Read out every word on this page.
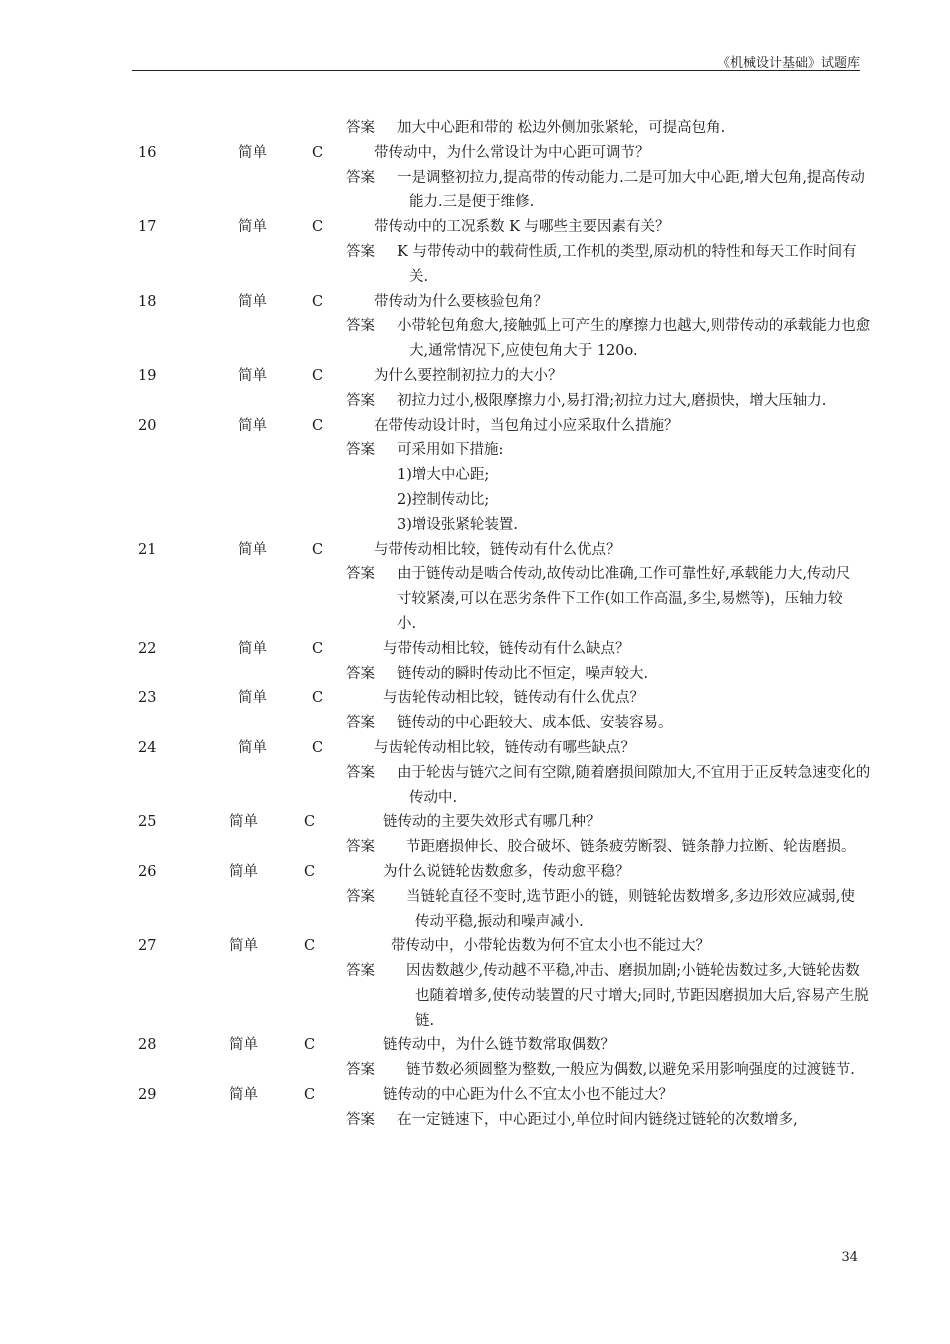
《机械设计基础》试题库
答案 加大中心距和带的 松边外侧加张紧轮，可提高包角.
16	简单	C	带传动中，为什么常设计为中心距可调节？
答案 一是调整初拉力,提高带的传动能力.二是可加大中心距,增大包角,提高传动能力.三是便于维修.
17	简单	C	带传动中的工况系数 K 与哪些主要因素有关？
答案 K 与带传动中的载荷性质,工作机的类型,原动机的特性和每天工作时间有关.
18	简单	C	带传动为什么要核验包角？
答案 小带轮包角愈大,接触弧上可产生的摩擦力也越大,则带传动的承载能力也愈大,通常情况下,应使包角大于 120o.
19	简单	C	为什么要控制初拉力的大小？
答案 初拉力过小,极限摩擦力小,易打滑;初拉力过大,磨损快，增大压轴力.
20	简单	C	在带传动设计时，当包角过小应采取什么措施？
答案 可采用如下措施:
1)增大中心距;
2)控制传动比;
3)增设张紧轮装置.
21	简单	C	与带传动相比较，链传动有什么优点？
答案 由于链传动是啮合传动,故传动比准确,工作可靠性好,承载能力大,传动尺寸较紧凑,可以在恶劣条件下工作(如工作高温,多尘,易燃等)，压轴力较小.
22	简单	C	与带传动相比较，链传动有什么缺点？
答案 链传动的瞬时传动比不恒定，噪声较大.
23	简单	C	与齿轮传动相比较，链传动有什么优点？
答案 链传动的中心距较大、成本低、安装容易。
24	简单	C	与齿轮传动相比较，链传动有哪些缺点？
答案 由于轮齿与链穴之间有空隙,随着磨损间隙加大,不宜用于正反转急速变化的传动中.
25	简单	C	链传动的主要失效形式有哪几种？
答案 节距磨损伸长、胶合破坏、链条疲劳断裂、链条静力拉断、轮齿磨损。
26	简单	C	为什么说链轮齿数愈多，传动愈平稳？
答案 当链轮直径不变时,选节距小的链，则链轮齿数增多,多边形效应减弱,使传动平稳,振动和噪声减小.
27	简单	C	带传动中，小带轮齿数为何不宜太小也不能过大？
答案 因齿数越少,传动越不平稳,冲击、磨损加剧;小链轮齿数过多,大链轮齿数也随着增多,使传动装置的尺寸增大;同时,节距因磨损加大后,容易产生脱链.
28	简单	C	链传动中，为什么链节数常取偶数？
答案 链节数必须圆整为整数,一般应为偶数,以避免采用影响强度的过渡链节.
29	简单	C	链传动的中心距为什么不宜太小也不能过大？
答案 在一定链速下，中心距过小,单位时间内链绕过链轮的次数增多,
34
